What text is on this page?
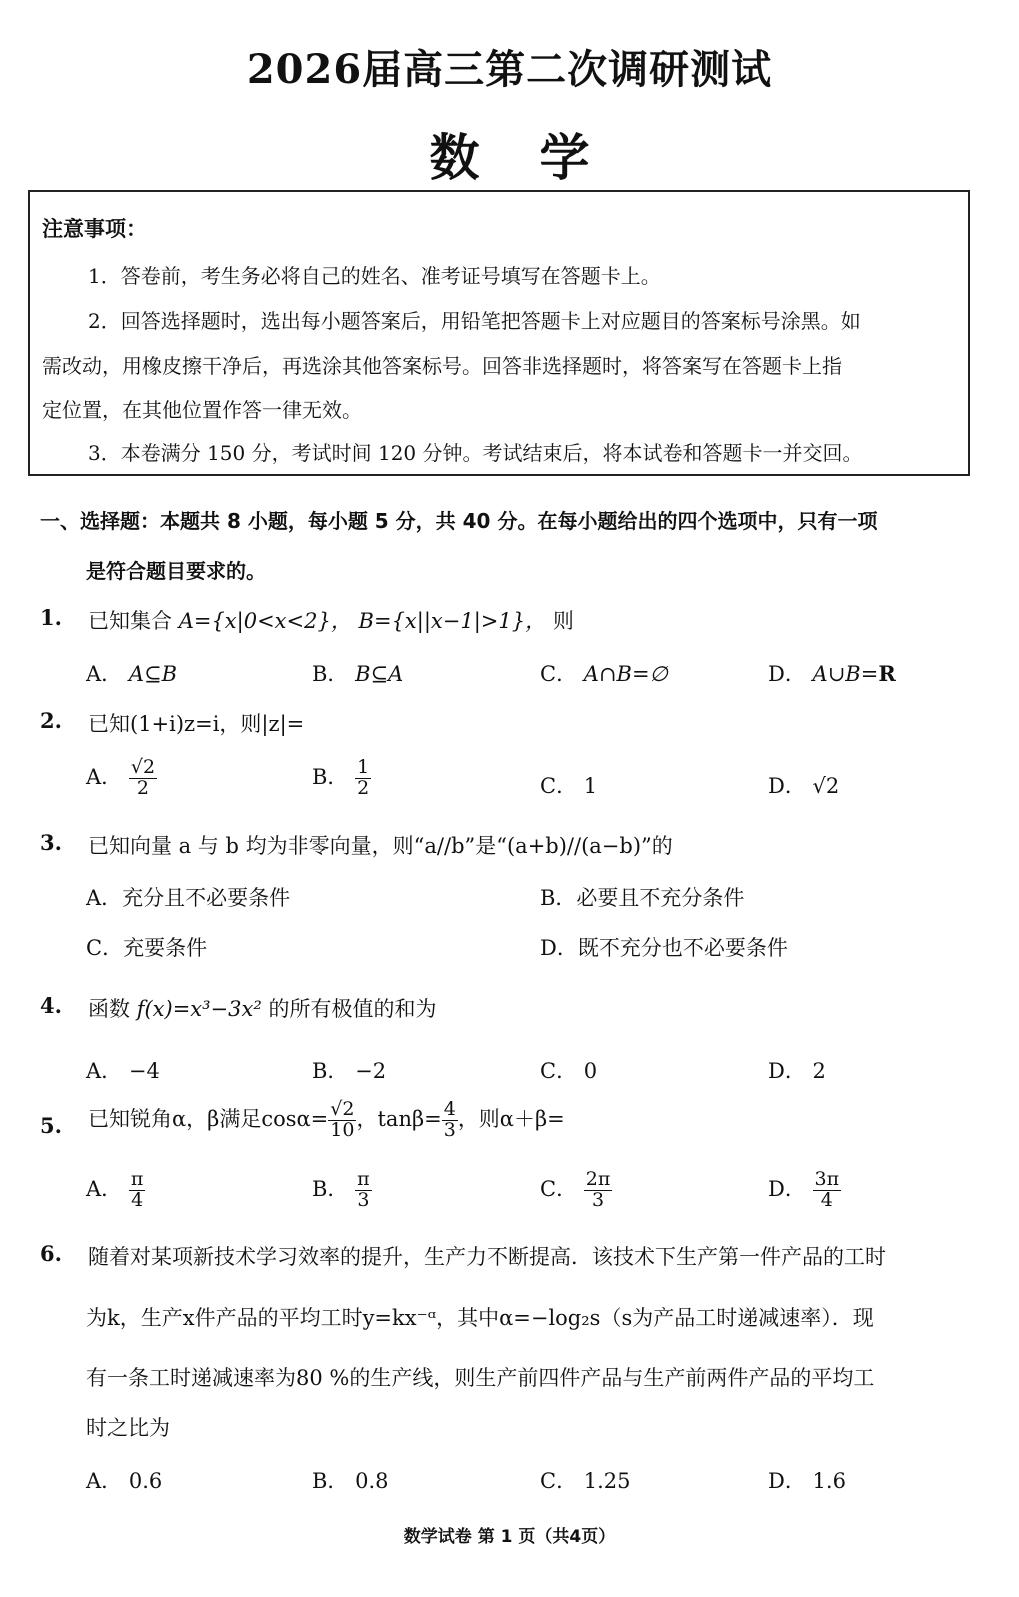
2026届高三第二次调研测试
数学
注意事项：
1．答卷前，考生务必将自己的姓名、准考证号填写在答题卡上。
2．回答选择题时，选出每小题答案后，用铅笔把答题卡上对应题目的答案标号涂黑。如
需改动，用橡皮擦干净后，再选涂其他答案标号。回答非选择题时，将答案写在答题卡上指
定位置，在其他位置作答一律无效。
3．本卷满分 150 分，考试时间 120 分钟。考试结束后，将本试卷和答题卡一并交回。
一、选择题：本题共 8 小题，每小题 5 分，共 40 分。在每小题给出的四个选项中，只有一项
是符合题目要求的。
1. 已知集合 A={x|0<x<2}， B={x||x−1|>1}， 则
A． A⊆B	B． B⊆A	C． A∩B=∅	D． A∪B=R
2. 已知(1+i)z=i，则|z|=
A． $\frac{√2}{2}$	B． $\frac{1}{2}$	C． 1	D． √2
3. 已知向量 a 与 b 均为非零向量，则“a//b”是“(a+b)//(a−b)”的
A．充分且不必要条件	B．必要且不充分条件
C．充要条件	D．既不充分也不必要条件
4. 函数 f(x)=x³−3x² 的所有极值的和为
A． −4	B． −2	C． 0	D． 2
5. 已知锐角α，β满足$\cos\alpha= \frac{√2}{10}$ ，$\tan\beta= \frac{4}{3}$ ，则α＋β=
A． $\frac{\pi}{4}$	B． $\frac{\pi}{3}$	C． $\frac{2\pi}{3}$	D． $\frac{3\pi}{4}$
6. 随着对某项新技术学习效率的提升，生产力不断提高．该技术下生产第一件产品的工时
为k，生产x件产品的平均工时y=kx⁻ᵅ，其中α=−log₂s（s为产品工时递减速率）．现
有一条工时递减速率为80 %的生产线，则生产前四件产品与生产前两件产品的平均工
时之比为
A． 0.6	B． 0.8	C． 1.25	D． 1.6
数学试卷 第 1 页（共4页）
